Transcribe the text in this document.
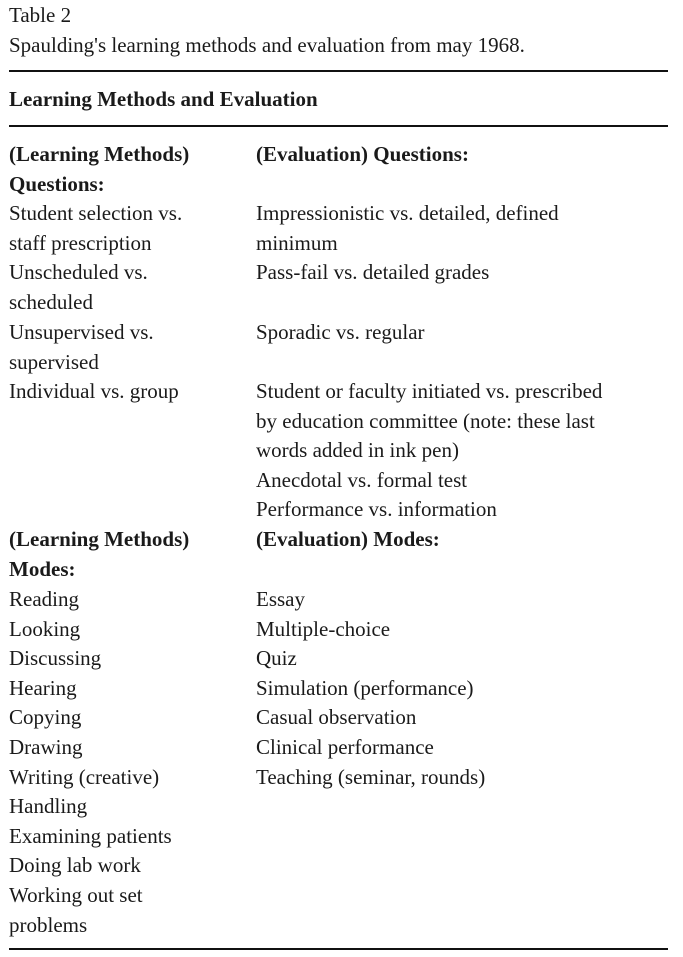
Table 2
Spaulding's learning methods and evaluation from may 1968.
Learning Methods and Evaluation
(Learning Methods)
Questions:
(Evaluation) Questions:
Student selection vs.
staff prescription
Impressionistic vs. detailed, defined
minimum
Unscheduled vs.
scheduled
Pass-fail vs. detailed grades
Unsupervised vs.
supervised
Sporadic vs. regular
Individual vs. group	Student or faculty initiated vs. prescribed
by education committee (note: these last
words added in ink pen)
Anecdotal vs. formal test
Performance vs. information
(Learning Methods)
Modes:
(Evaluation) Modes:
Reading
Looking
Discussing
Hearing
Copying
Drawing
Writing (creative)
Handling
Examining patients
Doing lab work
Working out set
problems
Essay
Multiple-choice
Quiz
Simulation (performance)
Casual observation
Clinical performance
Teaching (seminar, rounds)
